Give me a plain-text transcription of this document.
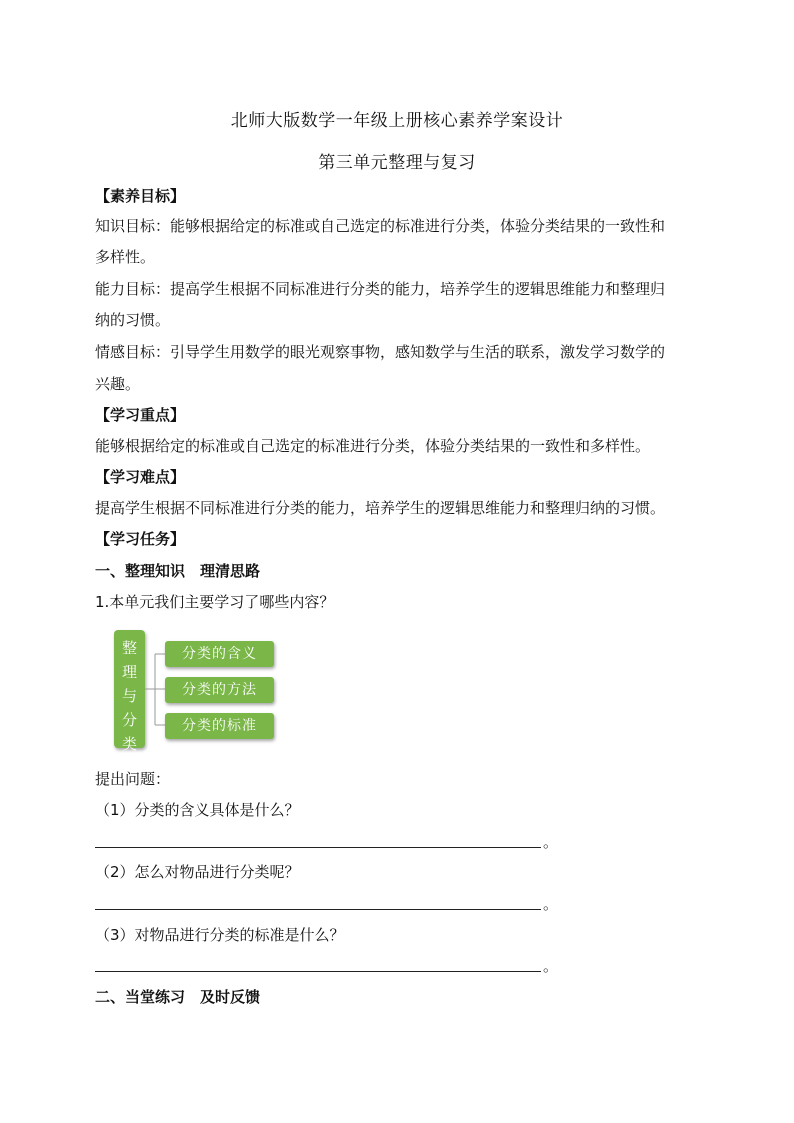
北师大版数学一年级上册核心素养学案设计
第三单元整理与复习
【素养目标】
知识目标：能够根据给定的标准或自己选定的标准进行分类，体验分类结果的一致性和
多样性。
能力目标：提高学生根据不同标准进行分类的能力，培养学生的逻辑思维能力和整理归
纳的习惯。
情感目标：引导学生用数学的眼光观察事物，感知数学与生活的联系，激发学习数学的
兴趣。
【学习重点】
能够根据给定的标准或自己选定的标准进行分类，体验分类结果的一致性和多样性。
【学习难点】
提高学生根据不同标准进行分类的能力，培养学生的逻辑思维能力和整理归纳的习惯。
【学习任务】
一、整理知识　理清思路
1.本单元我们主要学习了哪些内容？
整
理
与
分
类
分类的含义
分类的方法
分类的标准
提出问题：
（1）分类的含义具体是什么？
。
（2）怎么对物品进行分类呢？
。
（3）对物品进行分类的标准是什么？
。
二、当堂练习　及时反馈
